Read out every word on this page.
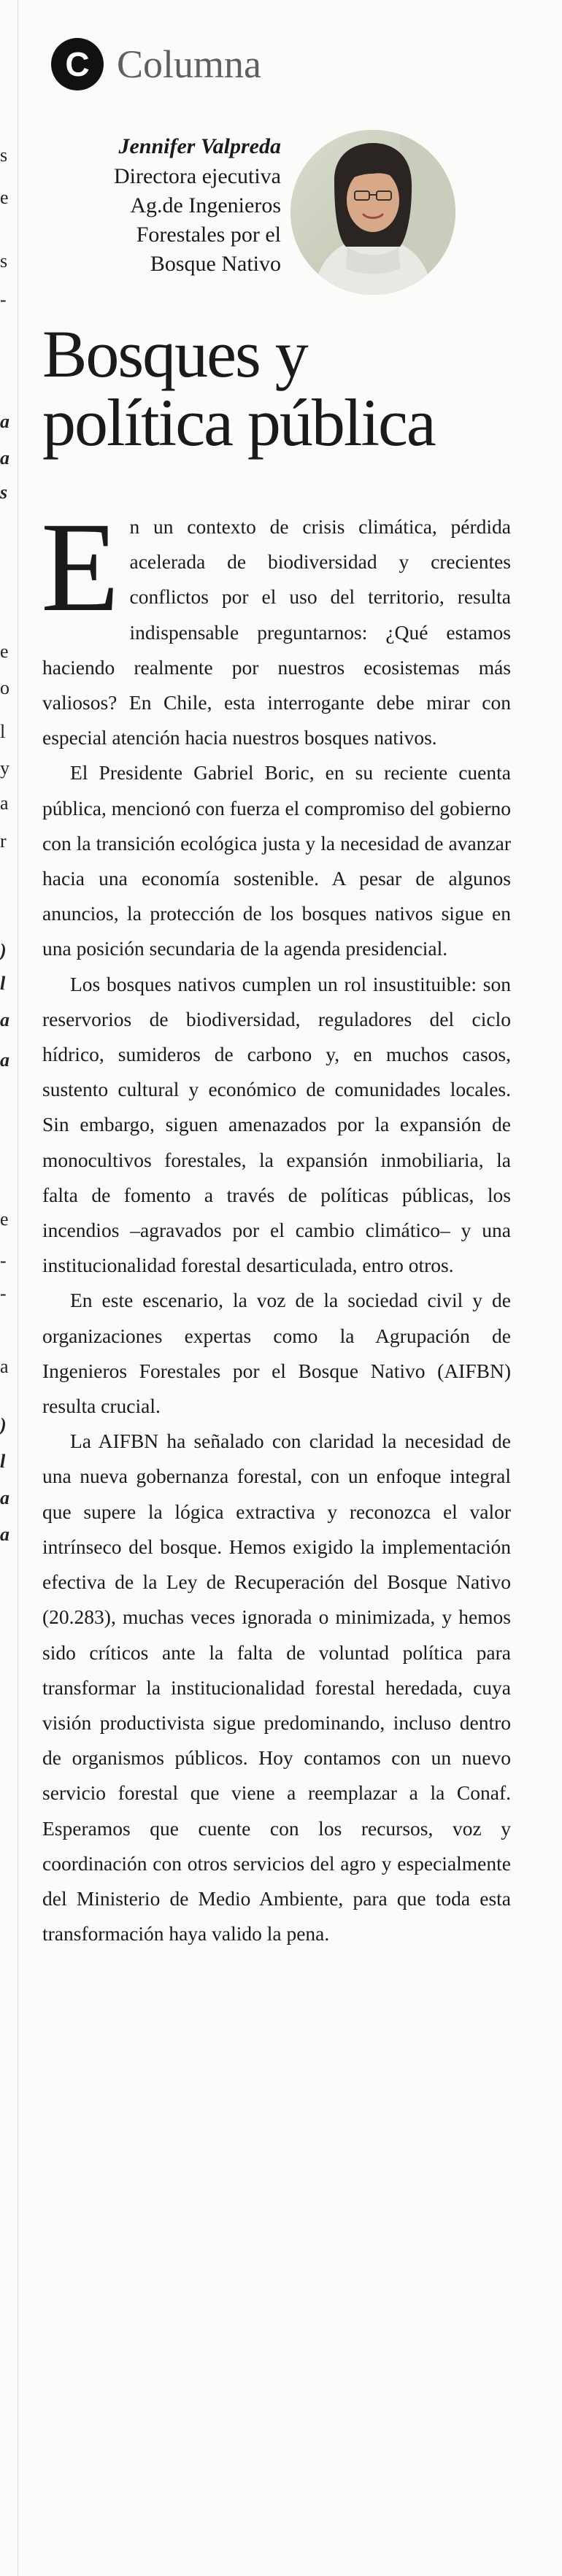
s
e
s
-
a
a
s
e
o
l
y
a
r
)
l
a
a
e
-
-
a
)
l
a
a
C Columna
Jennifer Valpreda
Directora ejecutiva
Ag.de Ingenieros
Forestales por el
Bosque Nativo
Bosques y
política pública

En un contexto de crisis climática, pérdida acelerada de biodiversidad y crecientes conflictos por el uso del territorio, resulta indispensable preguntarnos: ¿Qué estamos haciendo realmente por nuestros ecosistemas más valiosos? En Chile, esta interrogante debe mirar con especial atención hacia nuestros bosques nativos.

El Presidente Gabriel Boric, en su reciente cuenta pública, mencionó con fuerza el compromiso del gobierno con la transición ecológica justa y la necesidad de avanzar hacia una economía sostenible. A pesar de algunos anuncios, la protección de los bosques nativos sigue en una posición secundaria de la agenda presidencial.

Los bosques nativos cumplen un rol insustituible: son reservorios de biodiversidad, reguladores del ciclo hídrico, sumideros de carbono y, en muchos casos, sustento cultural y económico de comunidades locales. Sin embargo, siguen amenazados por la expansión de monocultivos forestales, la expansión inmobiliaria, la falta de fomento a través de políticas públicas, los incendios –agravados por el cambio climático– y una institucionalidad forestal desarticulada, entro otros.

En este escenario, la voz de la sociedad civil y de organizaciones expertas como la Agrupación de Ingenieros Forestales por el Bosque Nativo (AIFBN) resulta crucial.

La AIFBN ha señalado con claridad la necesidad de una nueva gobernanza forestal, con un enfoque integral que supere la lógica extractiva y reconozca el valor intrínseco del bosque. Hemos exigido la implementación efectiva de la Ley de Recuperación del Bosque Nativo (20.283), muchas veces ignorada o minimizada, y hemos sido críticos ante la falta de voluntad política para transformar la institucionalidad forestal heredada, cuya visión productivista sigue predominando, incluso dentro de organismos públicos. Hoy contamos con un nuevo servicio forestal que viene a reemplazar a la Conaf. Esperamos que cuente con los recursos, voz y coordinación con otros servicios del agro y especialmente del Ministerio de Medio Ambiente, para que toda esta transformación haya valido la pena.
